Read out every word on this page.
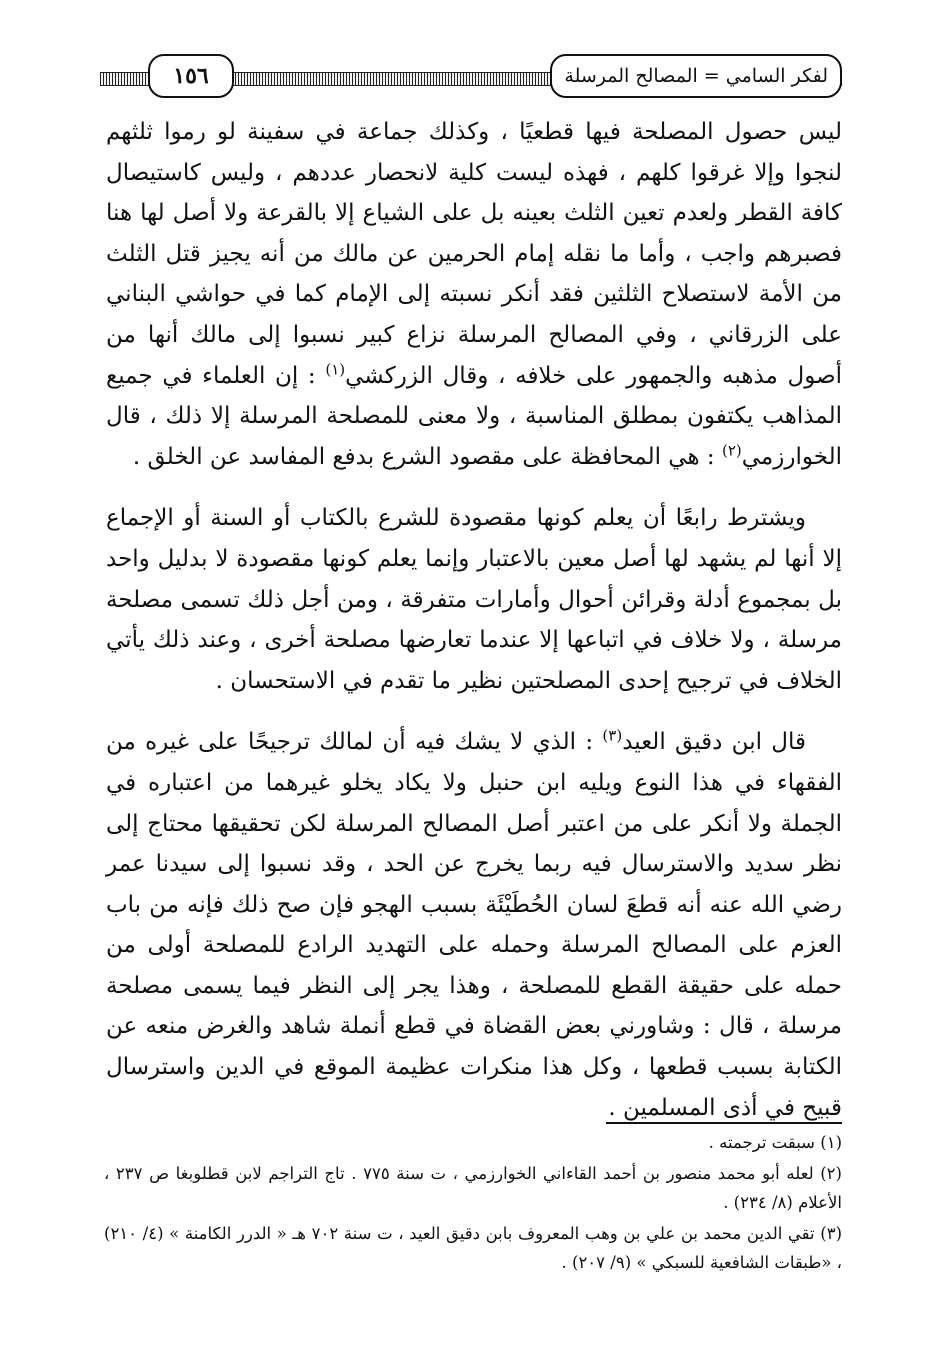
لفكر السامي = المصالح المرسلة
١٥٦

ليس حصول المصلحة فيها قطعيًا ، وكذلك جماعة في سفينة لو رموا ثلثهم لنجوا وإلا غرقوا كلهم ، فهذه ليست كلية لانحصار عددهم ، وليس كاستيصال كافة القطر ولعدم تعين الثلث بعينه بل على الشياع إلا بالقرعة ولا أصل لها هنا فصبرهم واجب ، وأما ما نقله إمام الحرمين عن مالك من أنه يجيز قتل الثلث من الأمة لاستصلاح الثلثين فقد أنكر نسبته إلى الإمام كما في حواشي البناني على الزرقاني ، وفي المصالح المرسلة نزاع كبير نسبوا إلى مالك أنها من أصول مذهبه والجمهور على خلافه ، وقال الزركشي$^{(١)}$ : إن العلماء في جميع المذاهب يكتفون بمطلق المناسبة ، ولا معنى للمصلحة المرسلة إلا ذلك ، قال الخوارزمي$^{(٢)}$ : هي المحافظة على مقصود الشرع بدفع المفاسد عن الخلق .

ويشترط رابعًا أن يعلم كونها مقصودة للشرع بالكتاب أو السنة أو الإجماع إلا أنها لم يشهد لها أصل معين بالاعتبار وإنما يعلم كونها مقصودة لا بدليل واحد بل بمجموع أدلة وقرائن أحوال وأمارات متفرقة ، ومن أجل ذلك تسمى مصلحة مرسلة ، ولا خلاف في اتباعها إلا عندما تعارضها مصلحة أخرى ، وعند ذلك يأتي الخلاف في ترجيح إحدى المصلحتين نظير ما تقدم في الاستحسان .

قال ابن دقيق العيد$^{(٣)}$ : الذي لا يشك فيه أن لمالك ترجيحًا على غيره من الفقهاء في هذا النوع ويليه ابن حنبل ولا يكاد يخلو غيرهما من اعتباره في الجملة ولا أنكر على من اعتبر أصل المصالح المرسلة لكن تحقيقها محتاج إلى نظر سديد والاسترسال فيه ربما يخرج عن الحد ، وقد نسبوا إلى سيدنا عمر رضي الله عنه أنه قطعَ لسان الحُطَيْئَة بسبب الهجو فإن صح ذلك فإنه من باب العزم على المصالح المرسلة وحمله على التهديد الرادع للمصلحة أولى من حمله على حقيقة القطع للمصلحة ، وهذا يجر إلى النظر فيما يسمى مصلحة مرسلة ، قال : وشاورني بعض القضاة في قطع أنملة شاهد والغرض منعه عن الكتابة بسبب قطعها ، وكل هذا منكرات عظيمة الموقع في الدين واسترسال قبيح في أذى المسلمين .

(١) سبقت ترجمته .

(٢) لعله أبو محمد منصور بن أحمد القاءاني الخوارزمي ، ت سنة ٧٧٥ . تاج التراجم لابن قطلوبغا ص ٢٣٧ ، الأعلام (٨/ ٢٣٤) .

(٣) تقي الدين محمد بن علي بن وهب المعروف بابن دقيق العيد ، ت سنة ٧٠٢ هـ « الدرر الكامنة » (٤/ ٢١٠) ، «طبقات الشافعية للسبكي » (٩/ ٢٠٧) .
